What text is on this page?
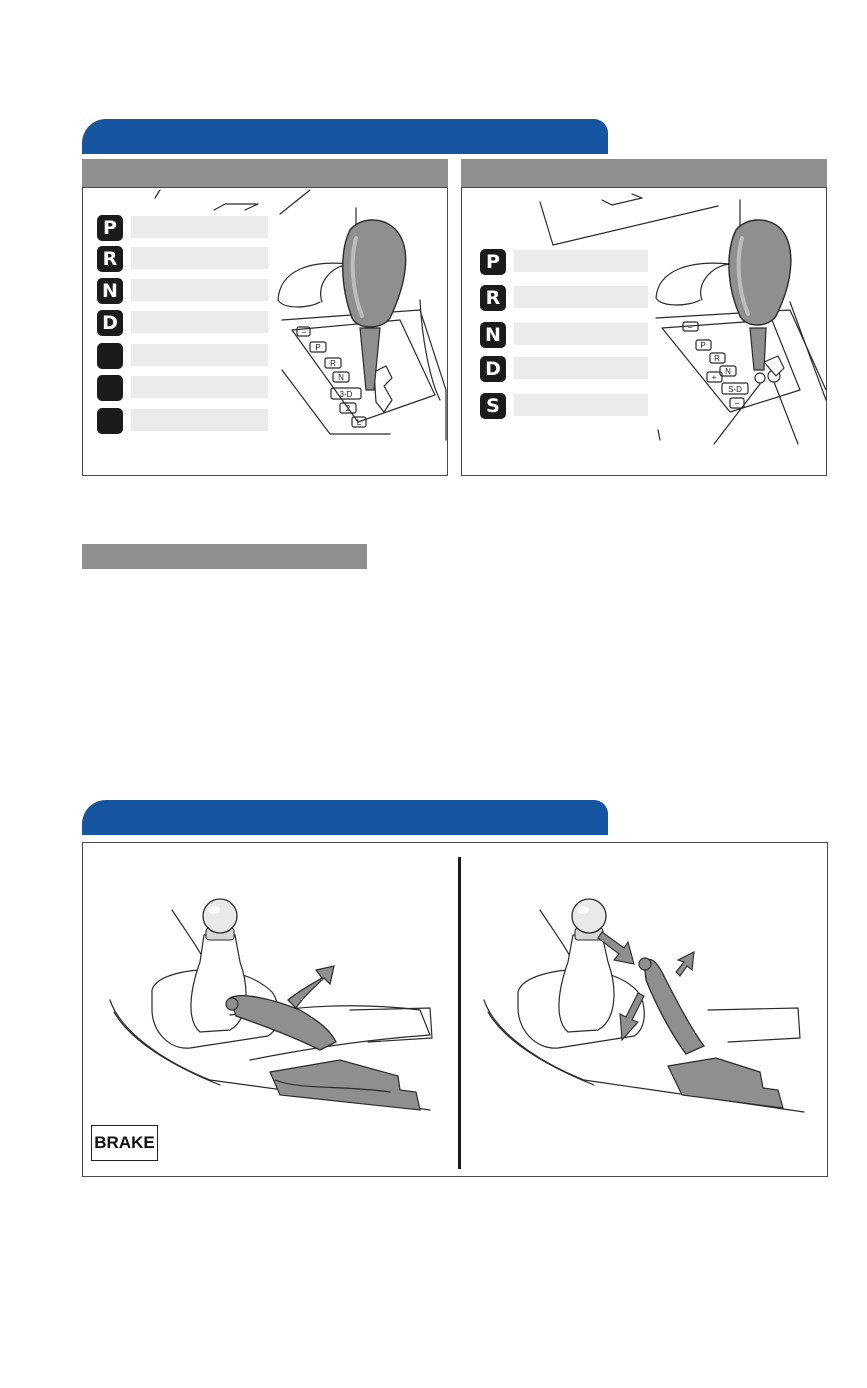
P
R
N
D
P
R
N
D
S
−
P
R
N
3-D
2
L
−
P
R
N
+
S-D
−
BRAKE
